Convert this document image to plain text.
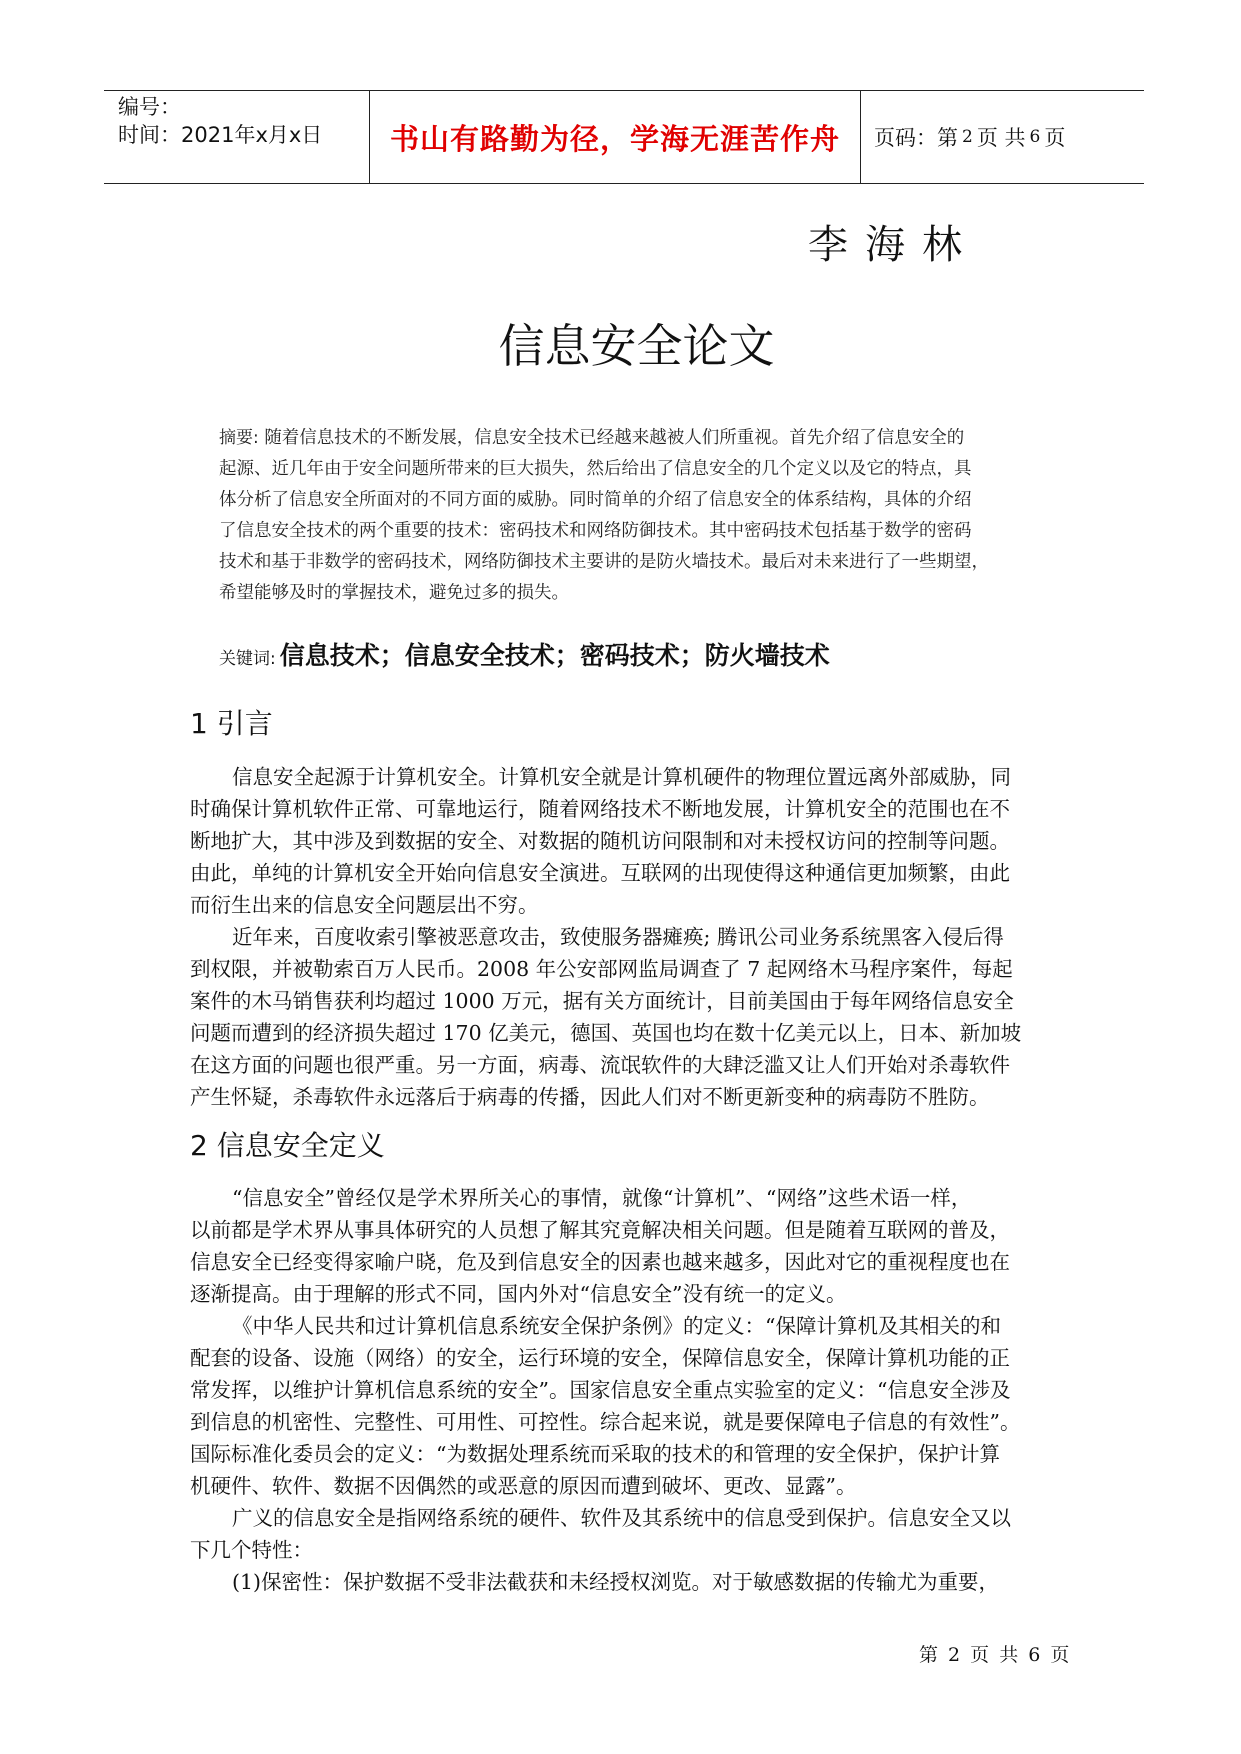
编号：
时间：2021年x月x日	书山有路勤为径，学海无涯苦作舟	页码：第 2 页 共 6 页
李海林
信息安全论文
摘要: 随着信息技术的不断发展，信息安全技术已经越来越被人们所重视。首先介绍了信息安全的
起源、近几年由于安全问题所带来的巨大损失，然后给出了信息安全的几个定义以及它的特点，具
体分析了信息安全所面对的不同方面的威胁。同时简单的介绍了信息安全的体系结构，具体的介绍
了信息安全技术的两个重要的技术：密码技术和网络防御技术。其中密码技术包括基于数学的密码
技术和基于非数学的密码技术，网络防御技术主要讲的是防火墙技术。最后对未来进行了一些期望，
希望能够及时的掌握技术，避免过多的损失。
关键词: 信息技术；信息安全技术；密码技术；防火墙技术
1 引言
信息安全起源于计算机安全。计算机安全就是计算机硬件的物理位置远离外部威胁，同
时确保计算机软件正常、可靠地运行，随着网络技术不断地发展，计算机安全的范围也在不
断地扩大，其中涉及到数据的安全、对数据的随机访问限制和对未授权访问的控制等问题。
由此，单纯的计算机安全开始向信息安全演进。互联网的出现使得这种通信更加频繁，由此
而衍生出来的信息安全问题层出不穷。
近年来，百度收索引擎被恶意攻击，致使服务器瘫痪; 腾讯公司业务系统黑客入侵后得
到权限，并被勒索百万人民币。2008 年公安部网监局调查了 7 起网络木马程序案件，每起
案件的木马销售获利均超过 1000 万元，据有关方面统计，目前美国由于每年网络信息安全
问题而遭到的经济损失超过 170 亿美元，德国、英国也均在数十亿美元以上，日本、新加坡
在这方面的问题也很严重。另一方面，病毒、流氓软件的大肆泛滥又让人们开始对杀毒软件
产生怀疑，杀毒软件永远落后于病毒的传播，因此人们对不断更新变种的病毒防不胜防。
2 信息安全定义
“信息安全”曾经仅是学术界所关心的事情，就像“计算机”、“网络”这些术语一样，
以前都是学术界从事具体研究的人员想了解其究竟解决相关问题。但是随着互联网的普及，
信息安全已经变得家喻户晓，危及到信息安全的因素也越来越多，因此对它的重视程度也在
逐渐提高。由于理解的形式不同，国内外对“信息安全”没有统一的定义。
《中华人民共和过计算机信息系统安全保护条例》的定义：“保障计算机及其相关的和
配套的设备、设施（网络）的安全，运行环境的安全，保障信息安全，保障计算机功能的正
常发挥，以维护计算机信息系统的安全”。国家信息安全重点实验室的定义：“信息安全涉及
到信息的机密性、完整性、可用性、可控性。综合起来说，就是要保障电子信息的有效性”。
国际标准化委员会的定义：“为数据处理系统而采取的技术的和管理的安全保护，保护计算
机硬件、软件、数据不因偶然的或恶意的原因而遭到破坏、更改、显露”。
广义的信息安全是指网络系统的硬件、软件及其系统中的信息受到保护。信息安全又以
下几个特性：
(1)保密性：保护数据不受非法截获和未经授权浏览。对于敏感数据的传输尤为重要，
第 2 页 共 6 页
